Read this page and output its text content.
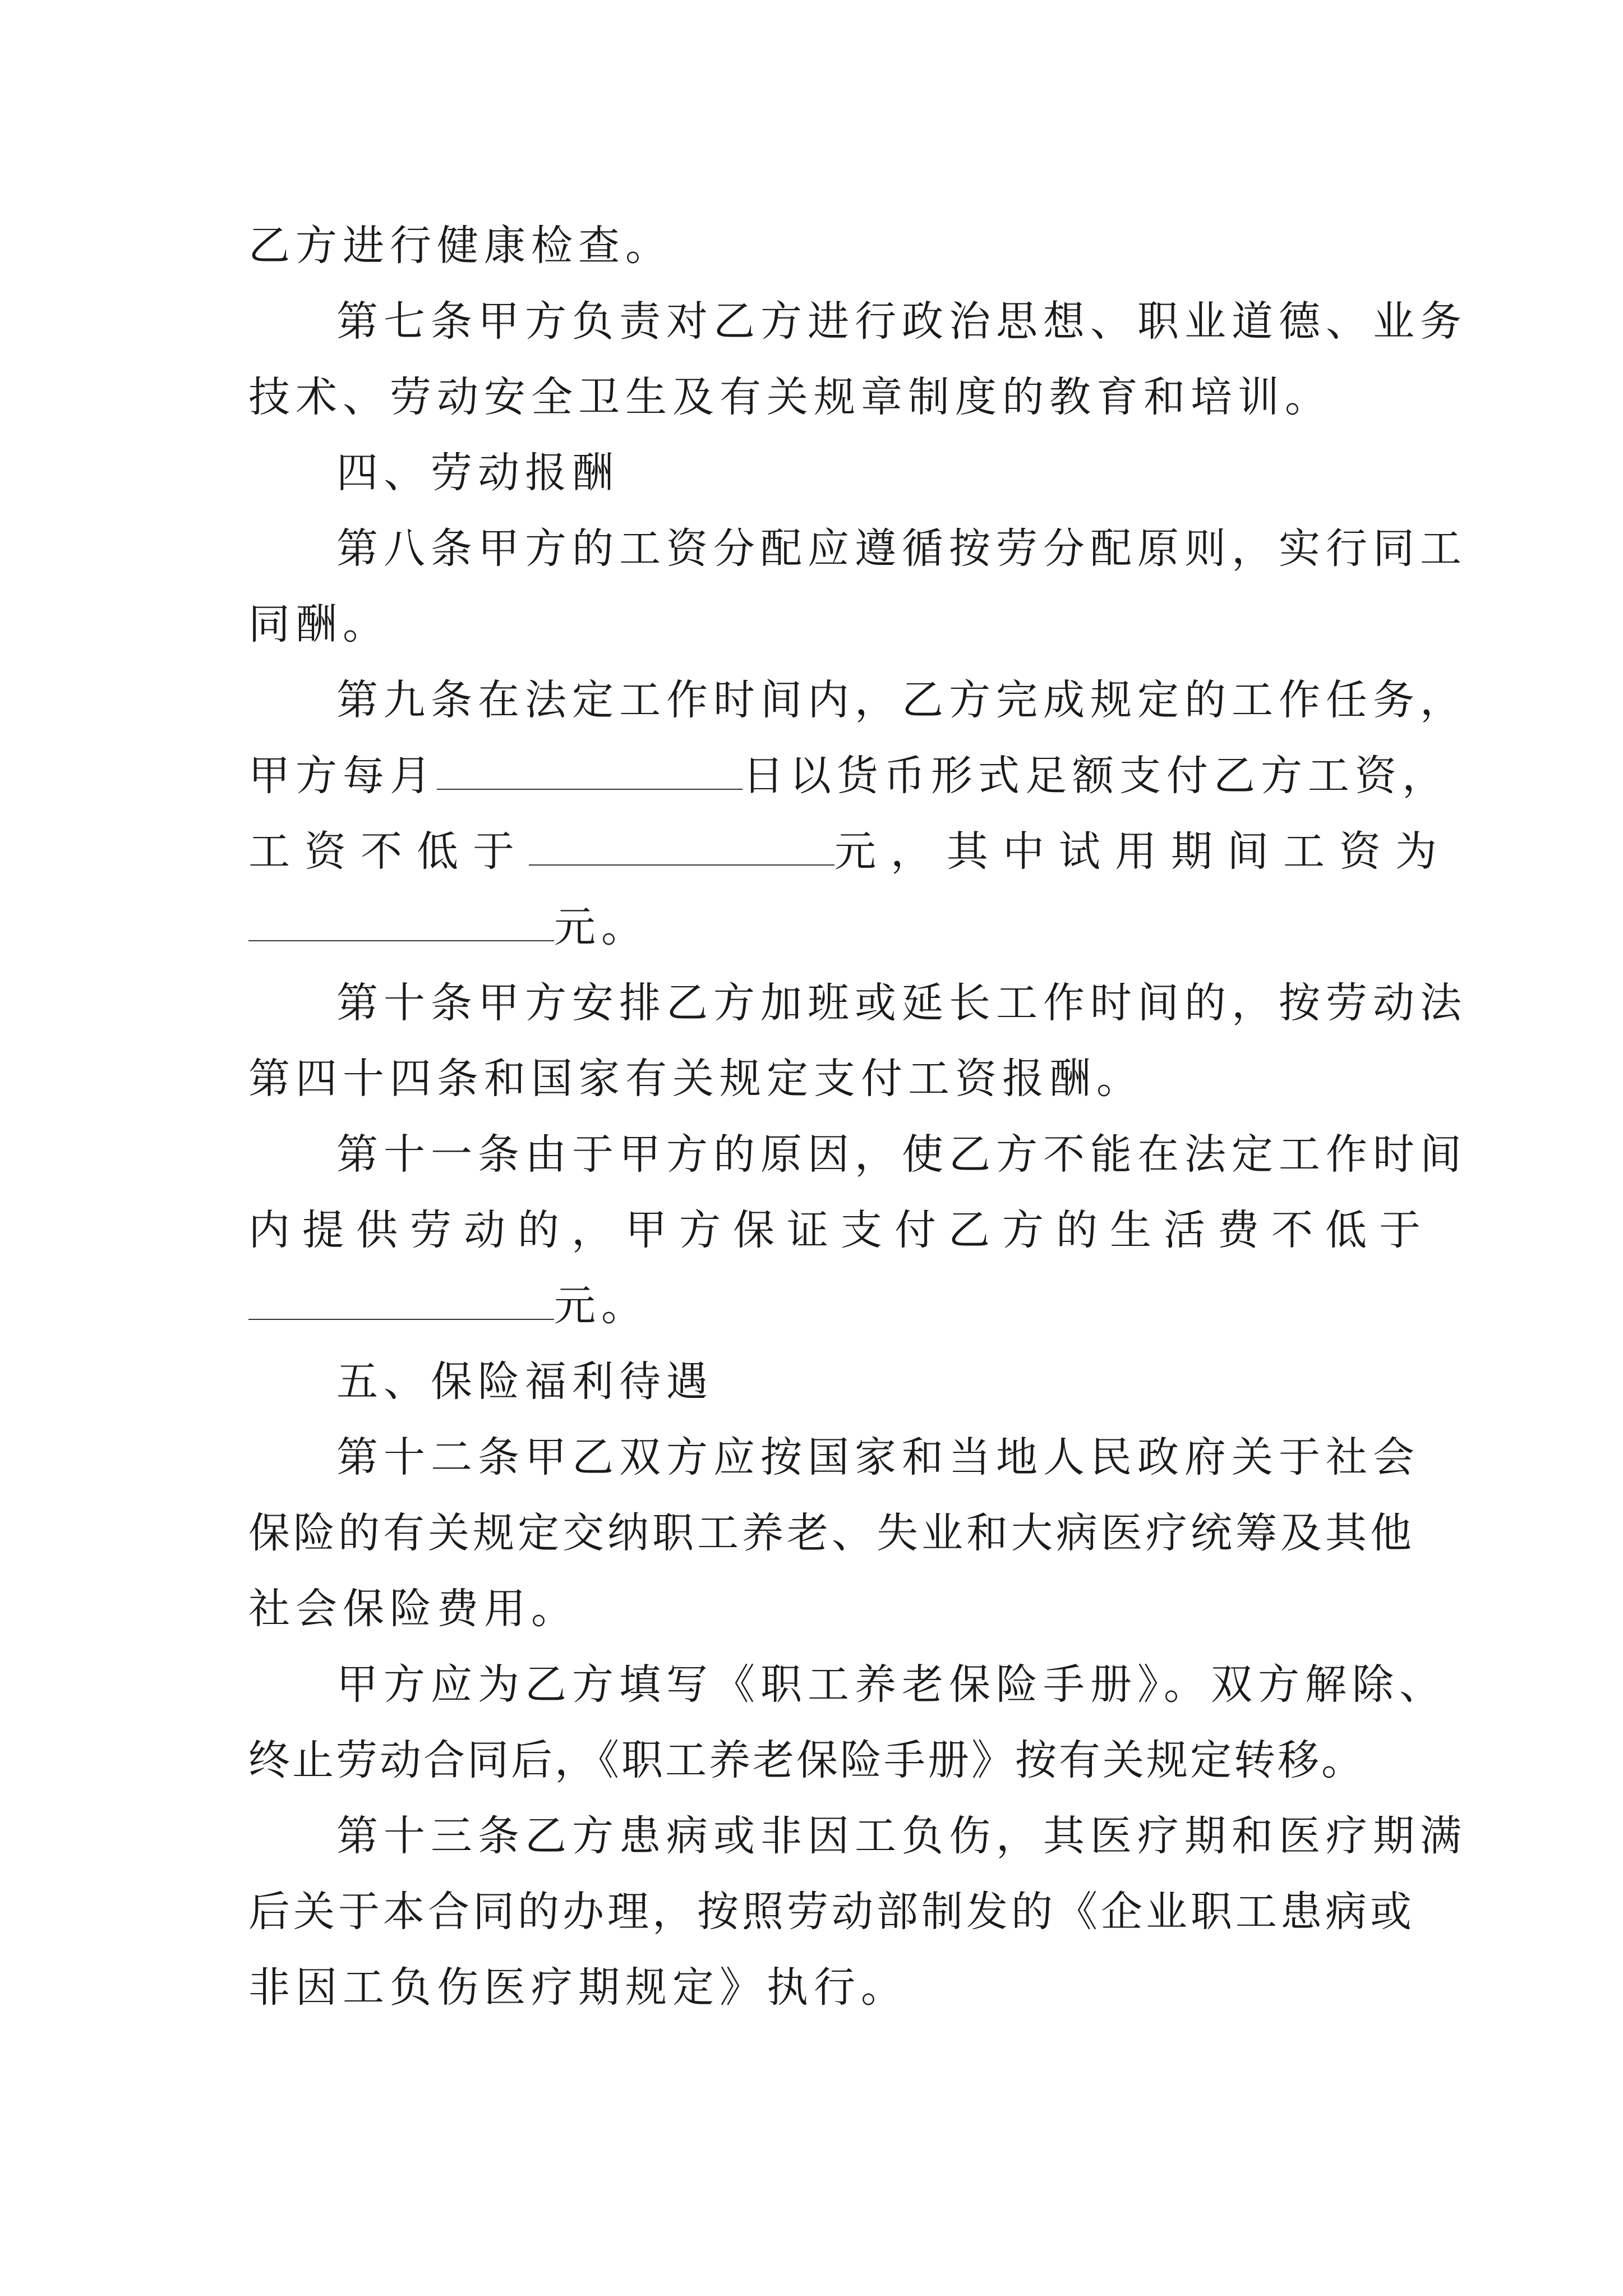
乙方进行健康检查。
第七条甲方负责对乙方进行政治思想、职业道德、业务
技术、劳动安全卫生及有关规章制度的教育和培训。
四、劳动报酬
第八条甲方的工资分配应遵循按劳分配原则，实行同工
同酬。
第九条在法定工作时间内，乙方完成规定的工作任务，
甲方每月	日以货币形式足额支付乙方工资，
工资不低于	元，其中试用期间工资为
元。
第十条甲方安排乙方加班或延长工作时间的，按劳动法
第四十四条和国家有关规定支付工资报酬。
第十一条由于甲方的原因，使乙方不能在法定工作时间
内提供劳动的，甲方保证支付乙方的生活费不低于
元。
五、保险福利待遇
第十二条甲乙双方应按国家和当地人民政府关于社会
保险的有关规定交纳职工养老、失业和大病医疗统筹及其他
社会保险费用。
甲方应为乙方填写《职工养老保险手册》。双方解除、
终止劳动合同后，《职工养老保险手册》按有关规定转移。
第十三条乙方患病或非因工负伤，其医疗期和医疗期满
后关于本合同的办理，按照劳动部制发的《企业职工患病或
非因工负伤医疗期规定》执行。
